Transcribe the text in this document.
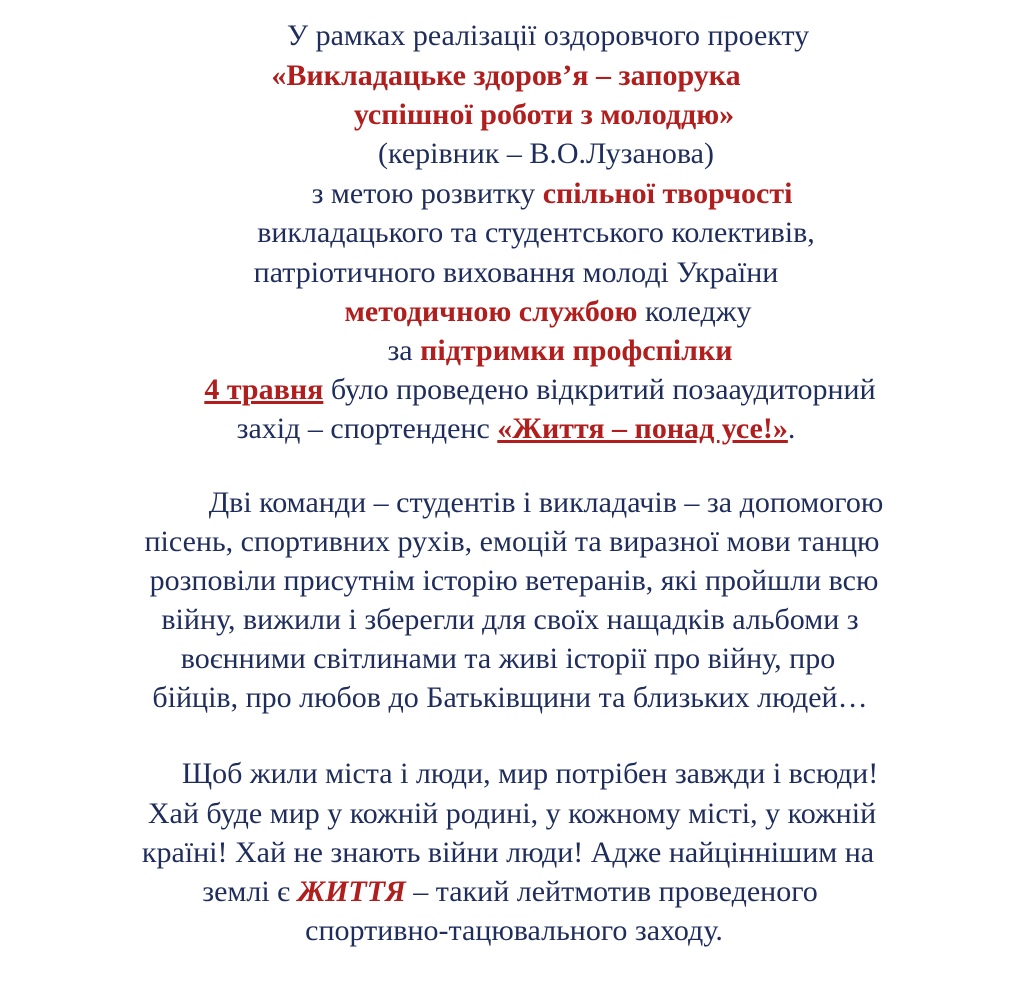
У рамках реалізації оздоровчого проекту

«Викладацьке здоров’я – запорука

успішної роботи з молоддю»

(керівник – В.О.Лузанова)

з метою розвитку спільної творчості

викладацького та студентського колективів,

патріотичного виховання молоді України

методичною службою коледжу

за підтримки профспілки

4 травня було проведено відкритий позааудиторний

захід – спортенденс «Життя – понад усе!».

Дві команди – студентів і викладачів – за допомогою

пісень, спортивних рухів, емоцій та виразної мови танцю

розповіли присутнім історію ветеранів, які пройшли всю

війну, вижили і зберегли для своїх нащадків альбоми з

воєнними світлинами та живі історії про війну, про

бійців, про любов до Батьківщини та близьких людей…

Щоб жили міста і люди, мир потрібен завжди і всюди!

Хай буде мир у кожній родині, у кожному місті, у кожній

країні! Хай не знають війни люди! Адже найціннішим на

землі є ЖИТТЯ – такий лейтмотив проведеного

спортивно-тацювального заходу.
